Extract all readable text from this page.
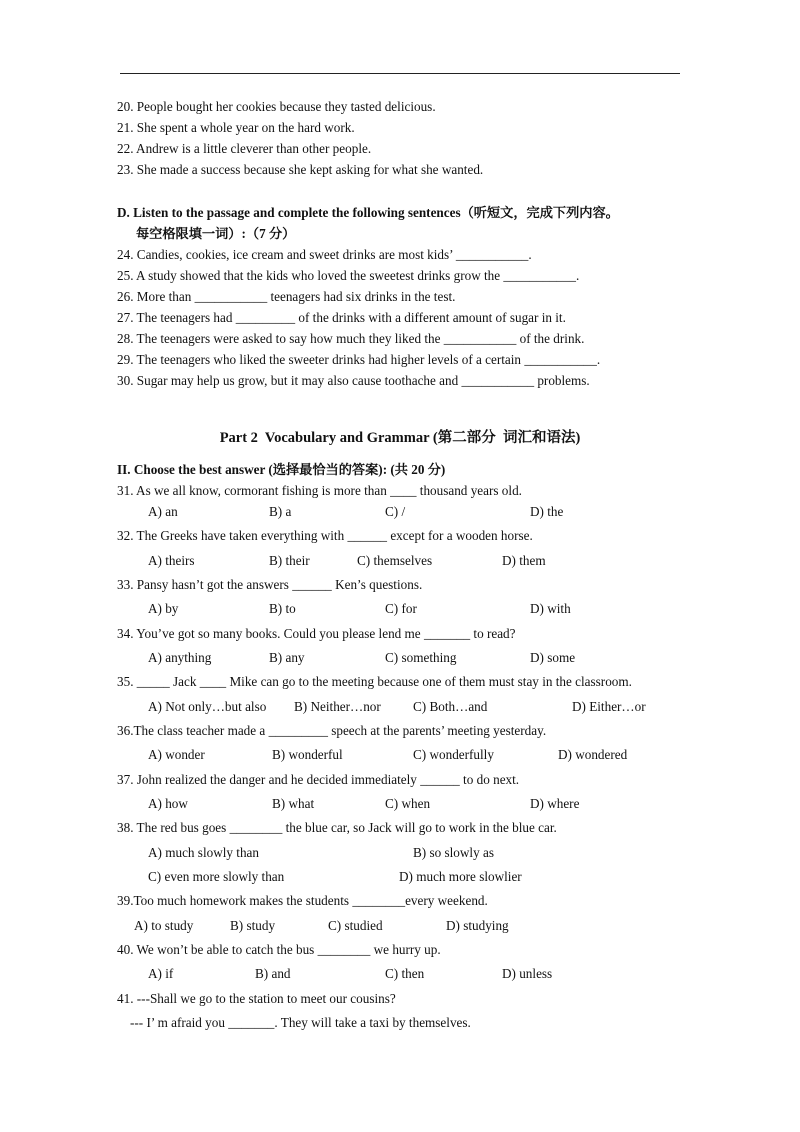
20. People bought her cookies because they tasted delicious.
21. She spent a whole year on the hard work.
22. Andrew is a little cleverer than other people.
23. She made a success because she kept asking for what she wanted.
D. Listen to the passage and complete the following sentences（听短文，完成下列内容。
每空格限填一词）:（7 分）
24. Candies, cookies, ice cream and sweet drinks are most kids’ ___________.
25. A study showed that the kids who loved the sweetest drinks grow the ___________.
26. More than ___________ teenagers had six drinks in the test.
27. The teenagers had _________ of the drinks with a different amount of sugar in it.
28. The teenagers were asked to say how much they liked the ___________ of the drink.
29. The teenagers who liked the sweeter drinks had higher levels of a certain ___________.
30. Sugar may help us grow, but it may also cause toothache and ___________ problems.
Part 2  Vocabulary and Grammar (第二部分  词汇和语法)
II. Choose the best answer (选择最恰当的答案): (共 20 分)
31. As we all know, cormorant fishing is more than ____ thousand years old.
A) an	B) a	C) /	D) the
32. The Greeks have taken everything with ______ except for a wooden horse.
A) theirs	B) their	C) themselves	D) them
33. Pansy hasn’t got the answers ______ Ken’s questions.
A) by	B) to	C) for	D) with
34. You’ve got so many books. Could you please lend me _______ to read?
A) anything	B) any	C) something	D) some
35. _____ Jack ____ Mike can go to the meeting because one of them must stay in the classroom.
A) Not only…but also B) Neither…nor C) Both…and	D) Either…or
36.The class teacher made a _________ speech at the parents’ meeting yesterday.
A) wonder	B) wonderful	C) wonderfully	D) wondered
37. John realized the danger and he decided immediately ______ to do next.
A) how	B) what	C) when	D) where
38. The red bus goes ________ the blue car, so Jack will go to work in the blue car.
A) much slowly than	B) so slowly as
C) even more slowly than	D) much more slowlier
39.Too much homework makes the students ________every weekend.
A) to study	B) study	C) studied	D) studying
40. We won’t be able to catch the bus ________ we hurry up.
A) if	B) and	C) then	D) unless
41. ---Shall we go to the station to meet our cousins?
--- I’ m afraid you _______. They will take a taxi by themselves.
